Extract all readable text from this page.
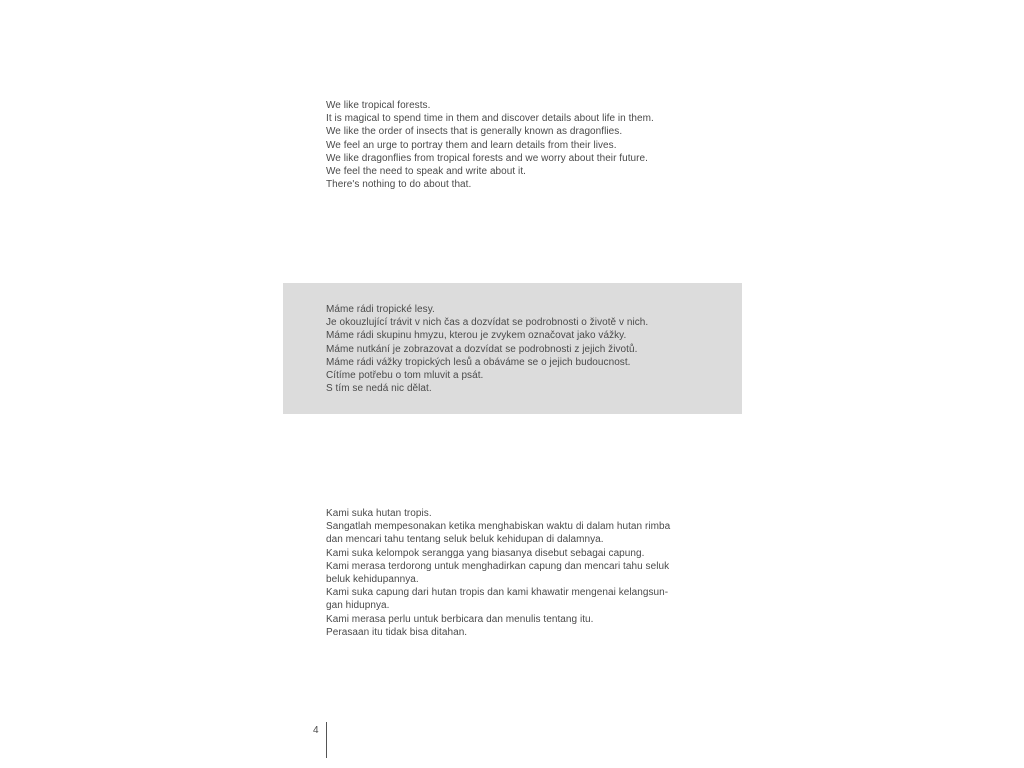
We like tropical forests.
It is magical to spend time in them and discover details about life in them.
We like the order of insects that is generally known as dragonflies.
We feel an urge to portray them and learn details from their lives.
We like dragonflies from tropical forests and we worry about their future.
We feel the need to speak and write about it.
There's nothing to do about that.
Máme rádi tropické lesy.
Je okouzlující trávit v nich čas a dozvídat se podrobnosti o životě v nich.
Máme rádi skupinu hmyzu, kterou je zvykem označovat jako vážky.
Máme nutkání je zobrazovat a dozvídat se podrobnosti z jejich životů.
Máme rádi vážky tropických lesů a obáváme se o jejich budoucnost.
Cítíme potřebu o tom mluvit a psát.
S tím se nedá nic dělat.
Kami suka hutan tropis.
Sangatlah mempesonakan ketika menghabiskan waktu di dalam hutan rimba
dan mencari tahu tentang seluk beluk kehidupan di dalamnya.
Kami suka kelompok serangga yang biasanya disebut sebagai capung.
Kami merasa terdorong untuk menghadirkan capung dan mencari tahu seluk
beluk kehidupannya.
Kami suka capung dari hutan tropis dan kami khawatir mengenai kelangsun-
gan hidupnya.
Kami merasa perlu untuk berbicara dan menulis tentang itu.
Perasaan itu tidak bisa ditahan.
4
